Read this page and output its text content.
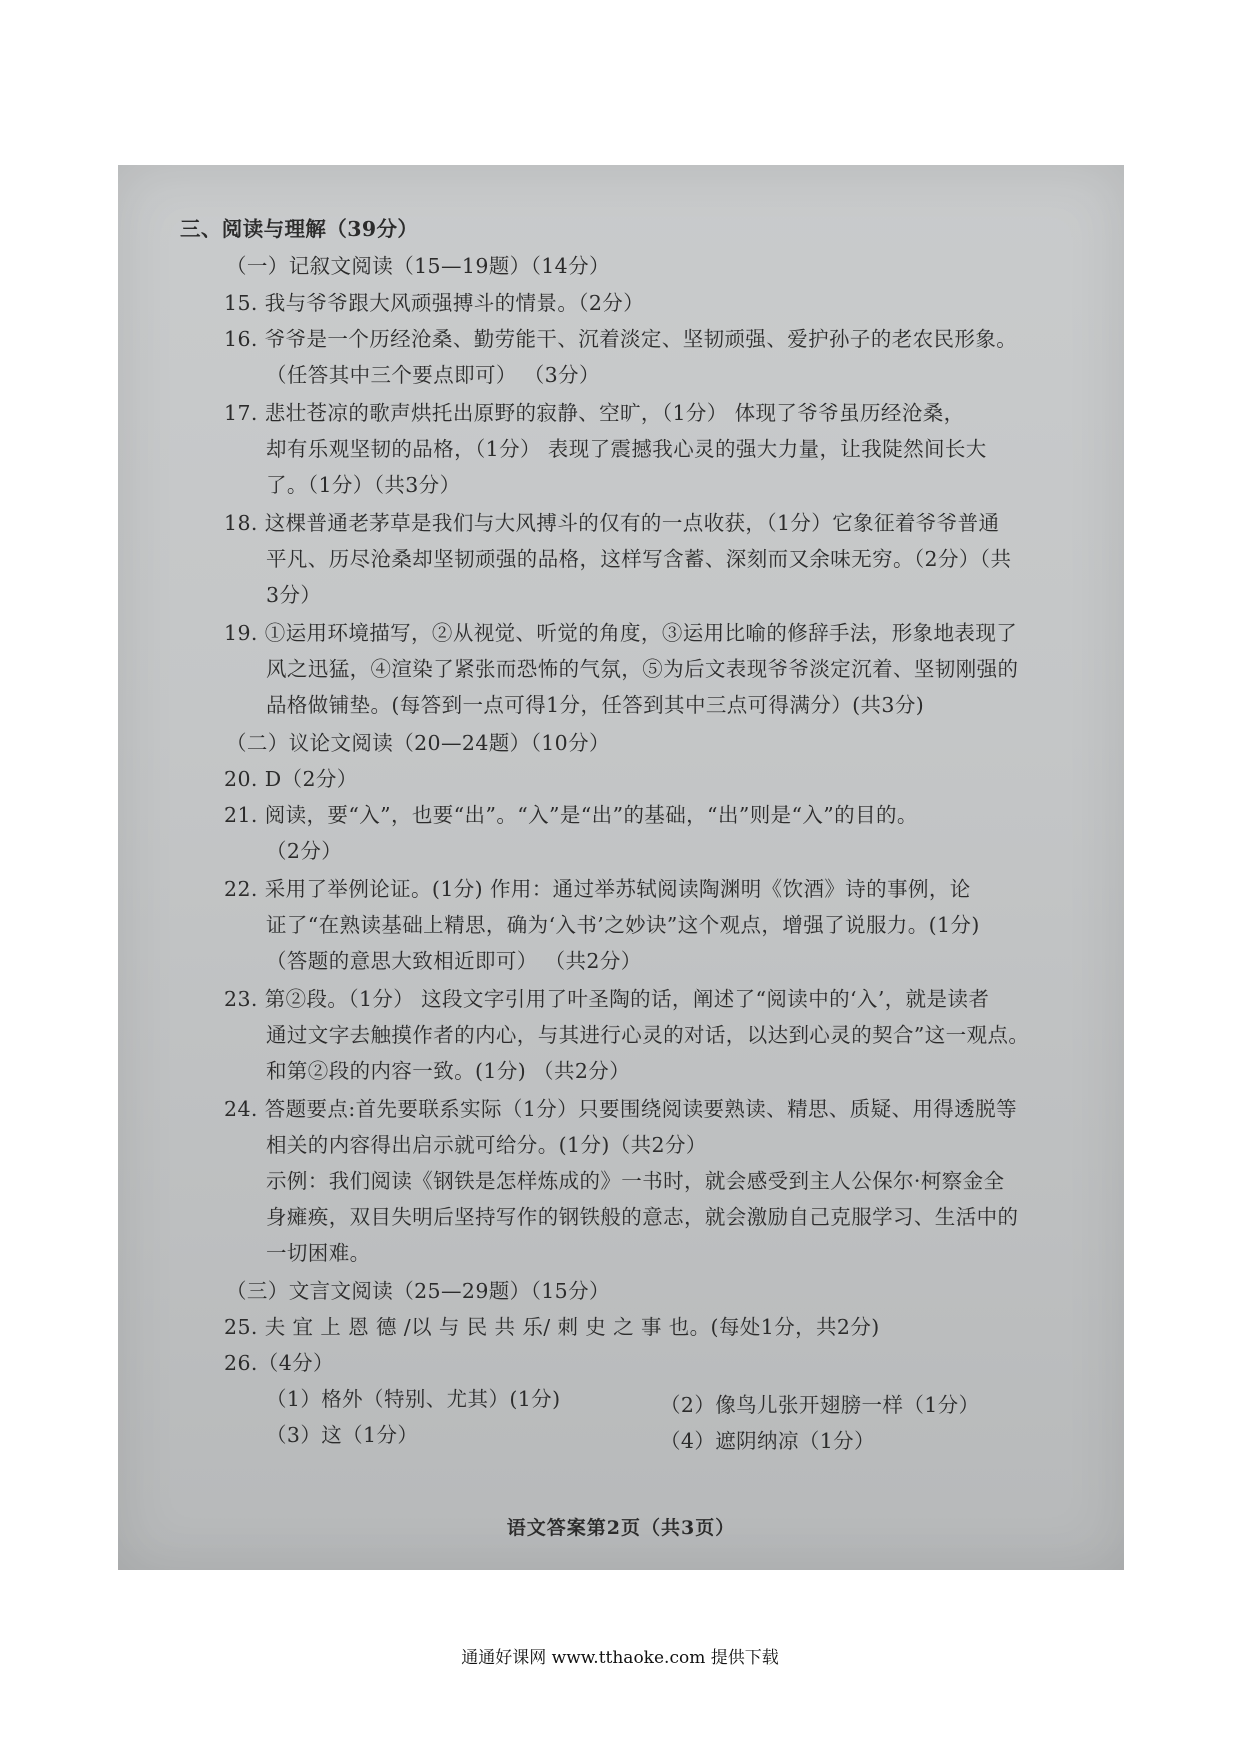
三、阅读与理解（39分）
（一）记叙文阅读（15—19题）（14分）
15. 我与爷爷跟大风顽强搏斗的情景。（2分）
16. 爷爷是一个历经沧桑、勤劳能干、沉着淡定、坚韧顽强、爱护孙子的老农民形象。
（任答其中三个要点即可） （3分）
17. 悲壮苍凉的歌声烘托出原野的寂静、空旷，（1分） 体现了爷爷虽历经沧桑，
却有乐观坚韧的品格，（1分） 表现了震撼我心灵的强大力量，让我陡然间长大
了。（1分）（共3分）
18. 这棵普通老茅草是我们与大风搏斗的仅有的一点收获，（1分）它象征着爷爷普通
平凡、历尽沧桑却坚韧顽强的品格，这样写含蓄、深刻而又余味无穷。（2分）（共
3分）
19. ①运用环境描写，②从视觉、听觉的角度，③运用比喻的修辞手法，形象地表现了
风之迅猛，④渲染了紧张而恐怖的气氛，⑤为后文表现爷爷淡定沉着、坚韧刚强的
品格做铺垫。(每答到一点可得1分，任答到其中三点可得满分）(共3分)
（二）议论文阅读（20—24题）（10分）
20. D（2分）
21. 阅读，要“入”，也要“出”。“入”是“出”的基础，“出”则是“入”的目的。
（2分）
22. 采用了举例论证。(1分) 作用：通过举苏轼阅读陶渊明《饮酒》诗的事例，论
证了“在熟读基础上精思，确为‘入书’之妙诀”这个观点，增强了说服力。(1分)
（答题的意思大致相近即可） （共2分）
23. 第②段。（1分） 这段文字引用了叶圣陶的话，阐述了“阅读中的‘入’，就是读者
通过文字去触摸作者的内心，与其进行心灵的对话，以达到心灵的契合”这一观点。
和第②段的内容一致。(1分) （共2分）
24. 答题要点:首先要联系实际（1分）只要围绕阅读要熟读、精思、质疑、用得透脱等
相关的内容得出启示就可给分。(1分)（共2分）
示例：我们阅读《钢铁是怎样炼成的》一书时，就会感受到主人公保尔·柯察金全
身瘫痪，双目失明后坚持写作的钢铁般的意志，就会激励自己克服学习、生活中的
一切困难。
（三）文言文阅读（25—29题）（15分）
25. 夫 宜 上 恩 德 /以 与 民 共 乐/ 刺 史 之 事 也。(每处1分，共2分)
26.（4分）
（1）格外（特别、尤其）(1分)	（2）像鸟儿张开翅膀一样（1分）
（3）这（1分）	（4）遮阴纳凉（1分）
语文答案第2页（共3页）
通通好课网 www.tthaoke.com 提供下载
